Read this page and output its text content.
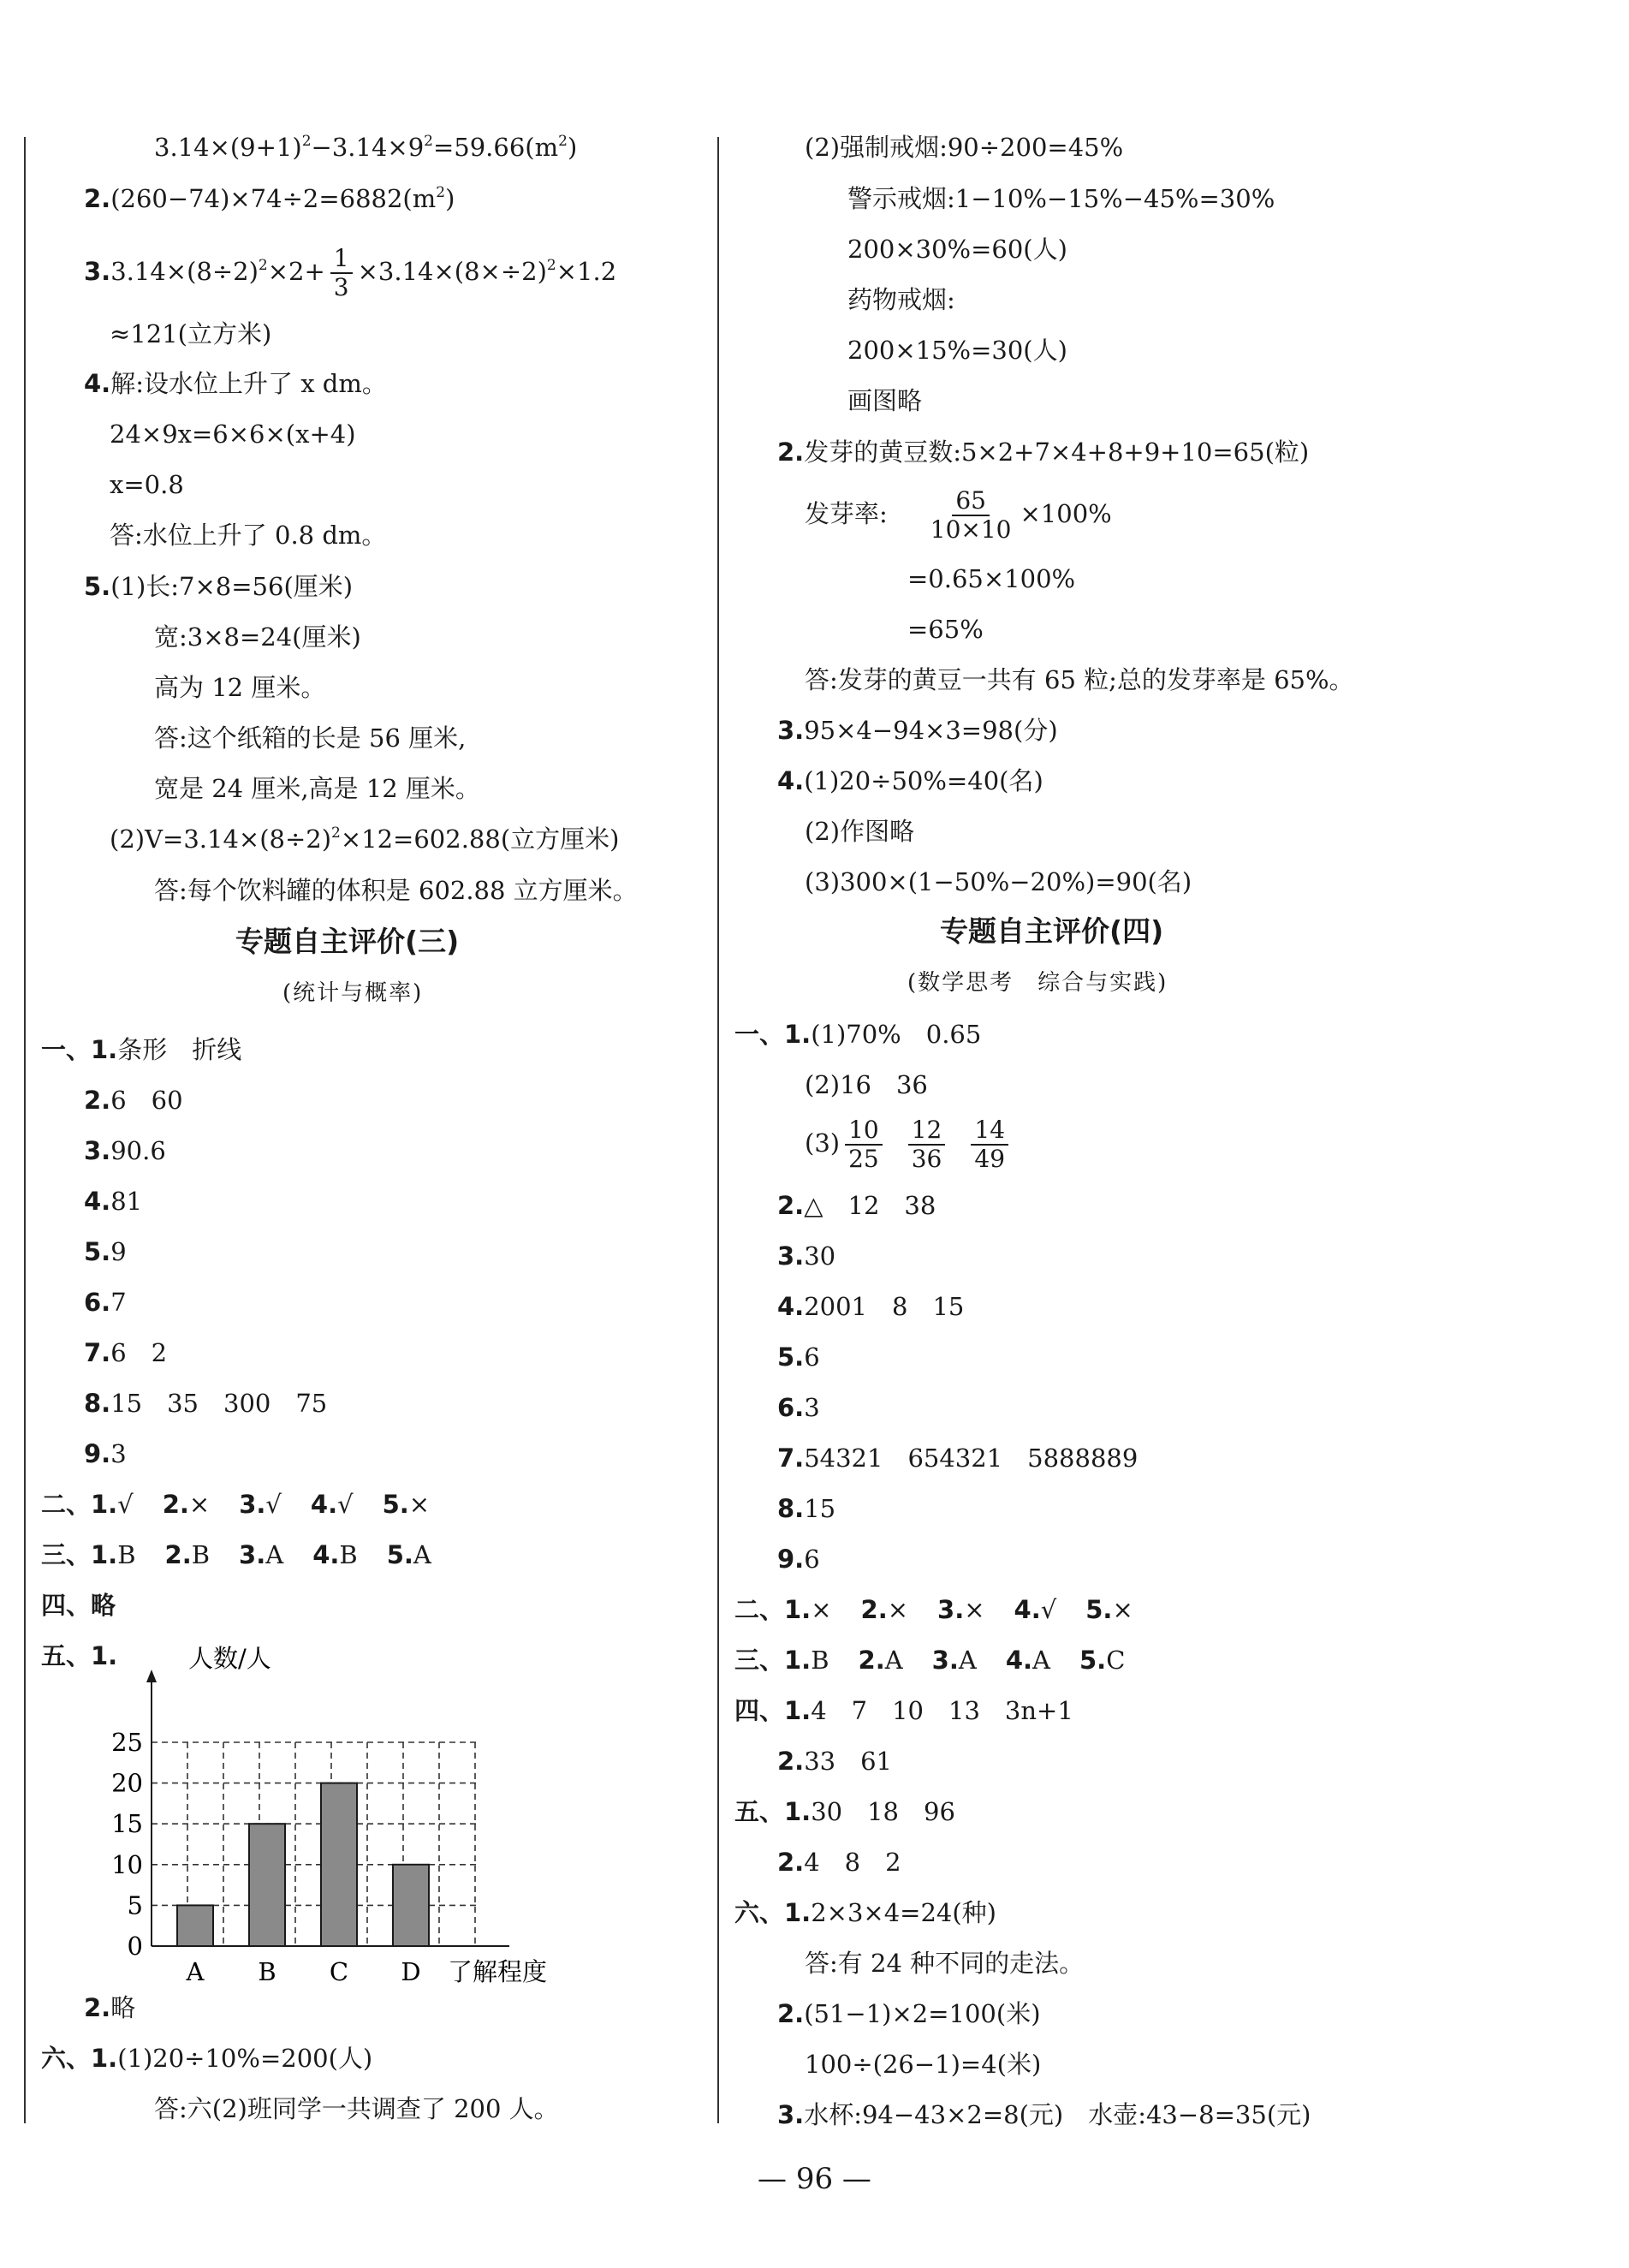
$3.14\times(9+1)^2-3.14\times 9^2=59.66(m^2)$
$2.(260-74)\times 74\div 2=6882(m^2)$
$3.3.14\times(8\div 2)^2\times 2+ \frac{1}{3} \times 3.14\times(8\times\div 2)^2\times 1.2$
≈121(立方米)
4.解:设水位上升了 x dm。
24×9x=6×6×(x+4)
x=0.8
答:水位上升了 0.8 dm。
5.(1)长:7×8=56(厘米)
宽:3×8=24(厘米)
高为 12 厘米。
答:这个纸箱的长是 56 厘米,
宽是 24 厘米,高是 12 厘米。
$(2)V=3.14\times(8\div 2)^2\times 12=602.88$(立方厘米)
答:每个饮料罐的体积是 602.88 立方厘米。
专题自主评价(三)
(统计与概率)
一、1.条形　折线
2.6　60
3.90.6
4.81
5.9
6.7
7.6　2
8.15　35　300　75
9.3
二、1.√ 2.× 3.√ 4.√ 5.×
三、1.B 2.B 3.A 4.B 5.A
四、略
五、1.	人数/人
0
5
10
15
20
25
A B C D 了解程度
2.略
六、1.(1)20÷10%=200(人)
答:六(2)班同学一共调查了 200 人。
(2)强制戒烟:90÷200=45%
警示戒烟:1−10%−15%−45%=30%
200×30%=60(人)
药物戒烟:
200×15%=30(人)
画图略
2.发芽的黄豆数:5×2+7×4+8+9+10=65(粒)
发芽率: $\frac{65}{10\times 10} \times 100\%$
=0.65×100%
=65%
答:发芽的黄豆一共有 65 粒;总的发芽率是 65%。
3.95×4−94×3=98(分)
4.(1)20÷50%=40(名)
(2)作图略
(3)300×(1−50%−20%)=90(名)
专题自主评价(四)
(数学思考　综合与实践)
一、1.(1)70%　0.65
(2)16　36
$(3) \frac{10}{25} \frac{12}{36} \frac{14}{49}$
2.△　12　38
3.30
4.2001　8　15
5.6
6.3
7.54321　654321　5888889
8.15
9.6
二、1.× 2.× 3.× 4.√ 5.×
三、1.B 2.A 3.A 4.A 5.C
四、1.4　7　10　13　3n+1
2.33　61
五、1.30　18　96
2.4　8　2
六、1.2×3×4=24(种)
答:有 24 种不同的走法。
2.(51−1)×2=100(米)
100÷(26−1)=4(米)
3.水杯:94−43×2=8(元)　水壶:43−8=35(元)
— 96 —
